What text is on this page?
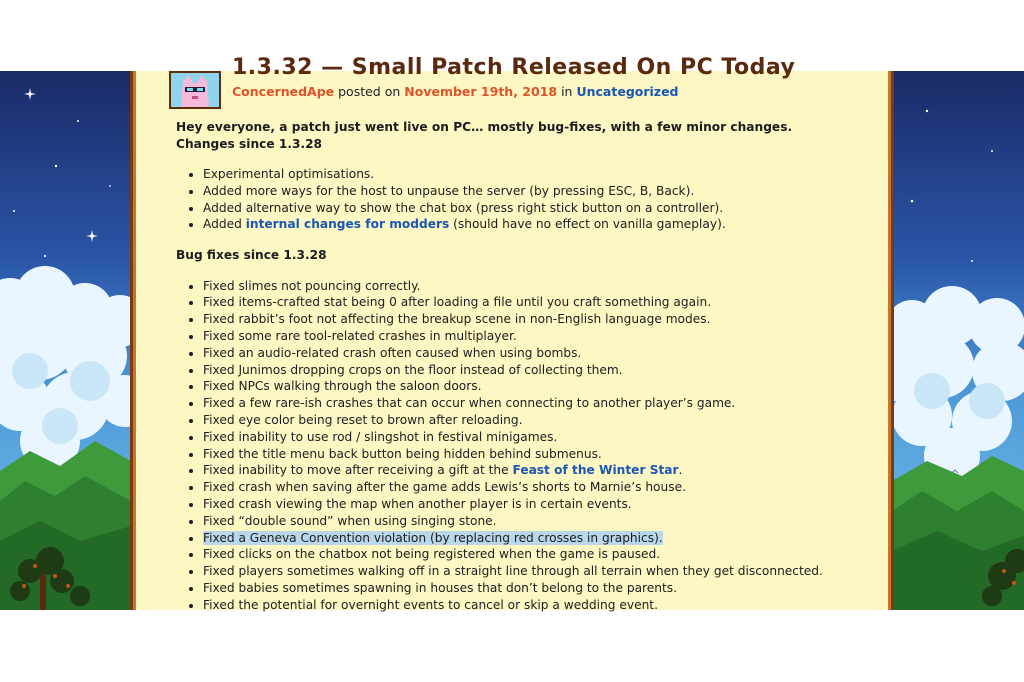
1.3.32 — Small Patch Released On PC Today
ConcernedApe posted on November 19th, 2018 in Uncategorized

Hey everyone, a patch just went live on PC… mostly bug-fixes, with a few minor changes.

Changes since 1.3.28

• Experimental optimisations.
• Added more ways for the host to unpause the server (by pressing ESC, B, Back).
• Added alternative way to show the chat box (press right stick button on a controller).
• Added internal changes for modders (should have no effect on vanilla gameplay).

Bug fixes since 1.3.28

• Fixed slimes not pouncing correctly.
• Fixed items-crafted stat being 0 after loading a file until you craft something again.
• Fixed rabbit’s foot not affecting the breakup scene in non-English language modes.
• Fixed some rare tool-related crashes in multiplayer.
• Fixed an audio-related crash often caused when using bombs.
• Fixed Junimos dropping crops on the floor instead of collecting them.
• Fixed NPCs walking through the saloon doors.
• Fixed a few rare-ish crashes that can occur when connecting to another player’s game.
• Fixed eye color being reset to brown after reloading.
• Fixed inability to use rod / slingshot in festival minigames.
• Fixed the title menu back button being hidden behind submenus.
• Fixed inability to move after receiving a gift at the Feast of the Winter Star.
• Fixed crash when saving after the game adds Lewis’s shorts to Marnie’s house.
• Fixed crash viewing the map when another player is in certain events.
• Fixed “double sound” when using singing stone.
• Fixed a Geneva Convention violation (by replacing red crosses in graphics).
• Fixed clicks on the chatbox not being registered when the game is paused.
• Fixed players sometimes walking off in a straight line through all terrain when they get disconnected.
• Fixed babies sometimes spawning in houses that don’t belong to the parents.
• Fixed the potential for overnight events to cancel or skip a wedding event.
